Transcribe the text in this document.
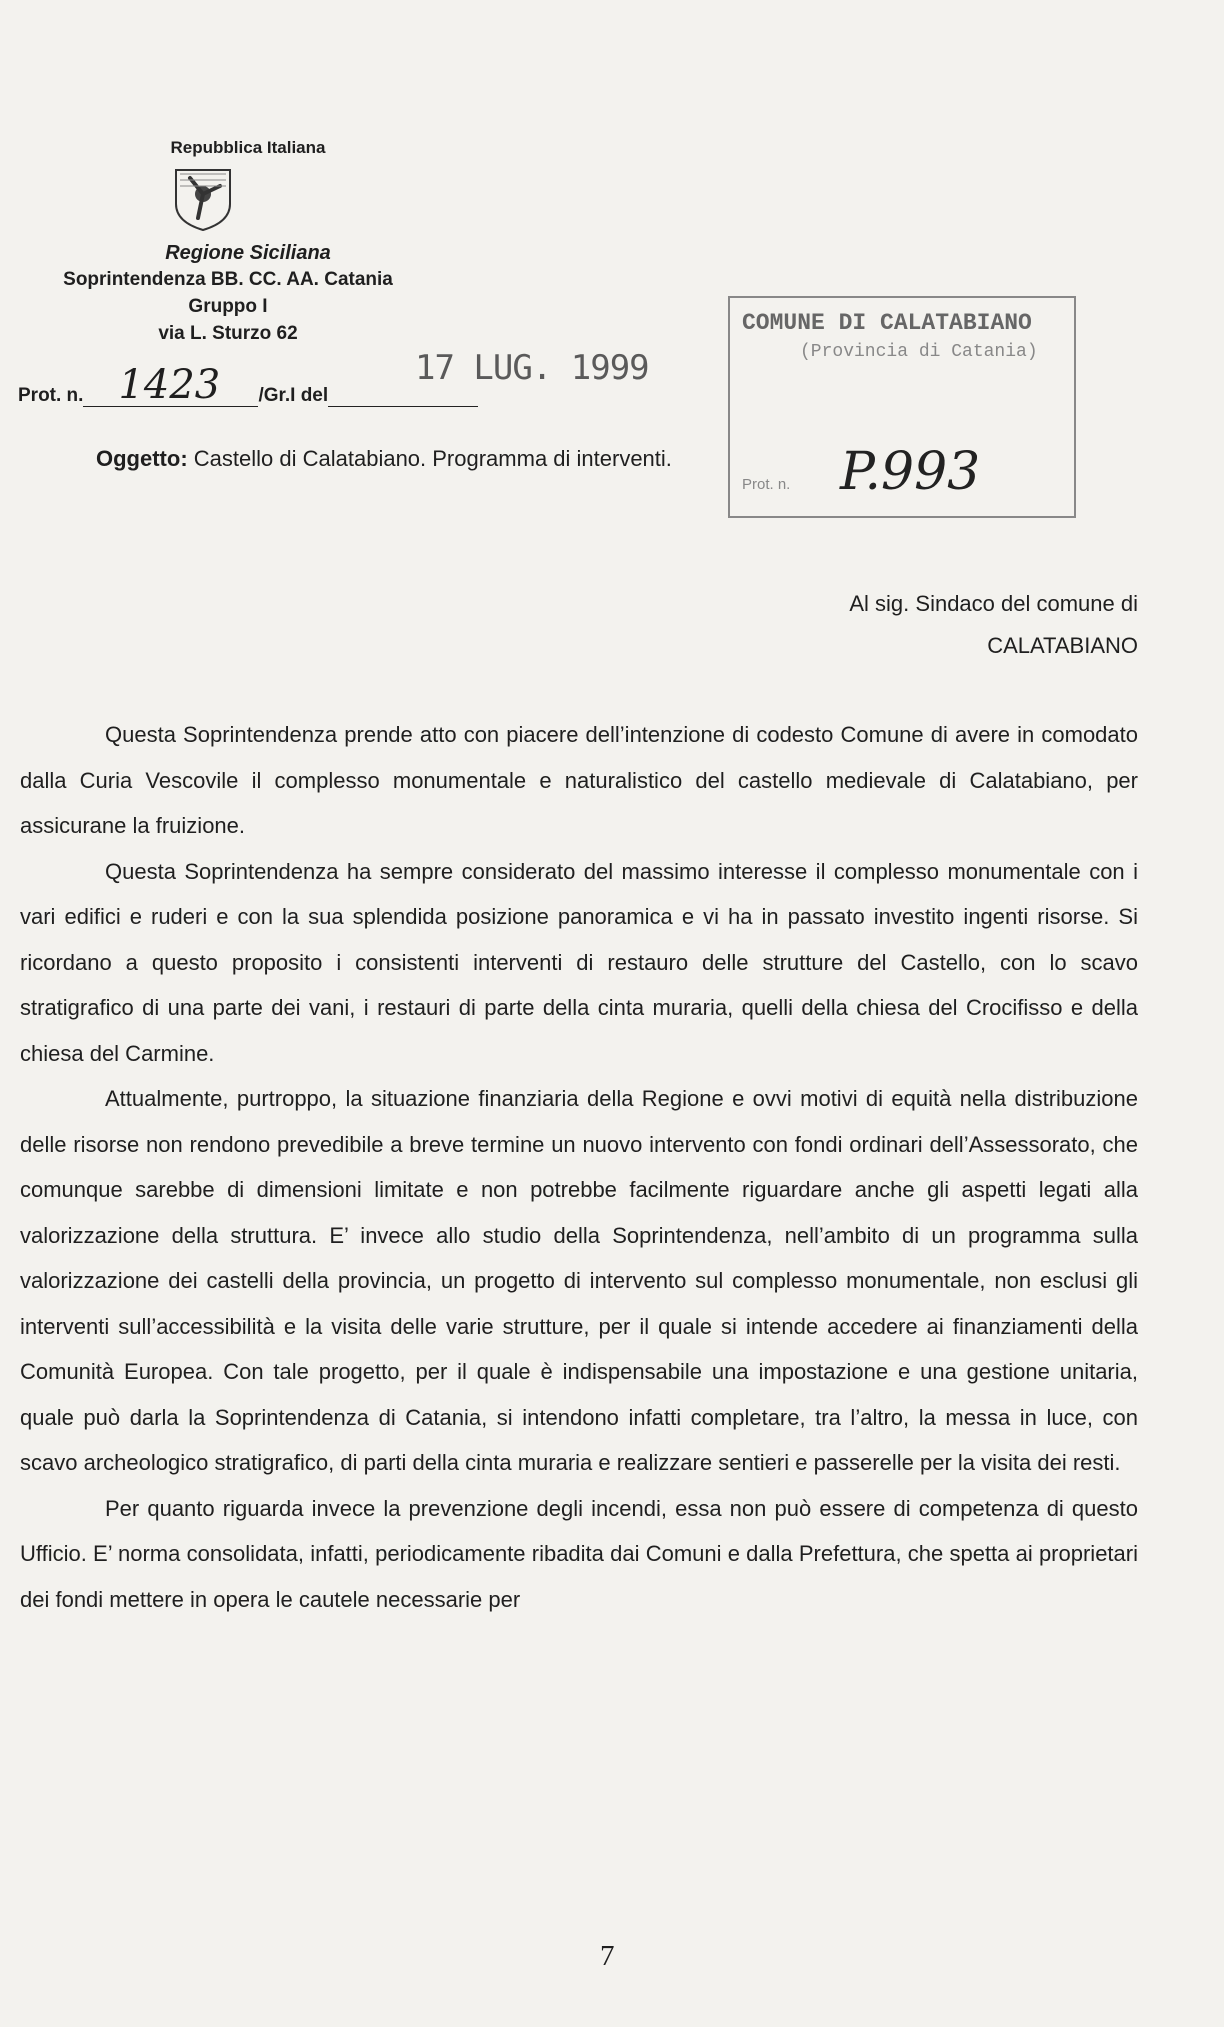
Repubblica Italiana
Regione Siciliana
Soprintendenza BB. CC. AA. Catania
Gruppo I
via L. Sturzo 62
17 LUG. 1999
Prot. n. 1423 /Gr.I del
COMUNE DI CALATABIANO
(Provincia di Catania)
P.993
Prot. n.
Oggetto: Castello di Calatabiano. Programma di interventi.
Al sig. Sindaco del comune di
CALATABIANO

Questa Soprintendenza prende atto con piacere dell’intenzione di codesto Comune di avere in comodato dalla Curia Vescovile il complesso monumentale e naturalistico del castello medievale di Calatabiano, per assicurane la fruizione.

Questa Soprintendenza ha sempre considerato del massimo interesse il complesso monumentale con i vari edifici e ruderi e con la sua splendida posizione panoramica e vi ha in passato investito ingenti risorse. Si ricordano a questo proposito i consistenti interventi di restauro delle strutture del Castello, con lo scavo stratigrafico di una parte dei vani, i restauri di parte della cinta muraria, quelli della chiesa del Crocifisso e della chiesa del Carmine.

Attualmente, purtroppo, la situazione finanziaria della Regione e ovvi motivi di equità nella distribuzione delle risorse non rendono prevedibile a breve termine un nuovo intervento con fondi ordinari dell’Assessorato, che comunque sarebbe di dimensioni limitate e non potrebbe facilmente riguardare anche gli aspetti legati alla valorizzazione della struttura. E’ invece allo studio della Soprintendenza, nell’ambito di un programma sulla valorizzazione dei castelli della provincia, un progetto di intervento sul complesso monumentale, non esclusi gli interventi sull’accessibilità e la visita delle varie strutture, per il quale si intende accedere ai finanziamenti della Comunità Europea. Con tale progetto, per il quale è indispensabile una impostazione e una gestione unitaria, quale può darla la Soprintendenza di Catania, si intendono infatti completare, tra l’altro, la messa in luce, con scavo archeologico stratigrafico, di parti della cinta muraria e realizzare sentieri e passerelle per la visita dei resti.

Per quanto riguarda invece la prevenzione degli incendi, essa non può essere di competenza di questo Ufficio. E’ norma consolidata, infatti, periodicamente ribadita dai Comuni e dalla Prefettura, che spetta ai proprietari dei fondi mettere in opera le cautele necessarie per

7
